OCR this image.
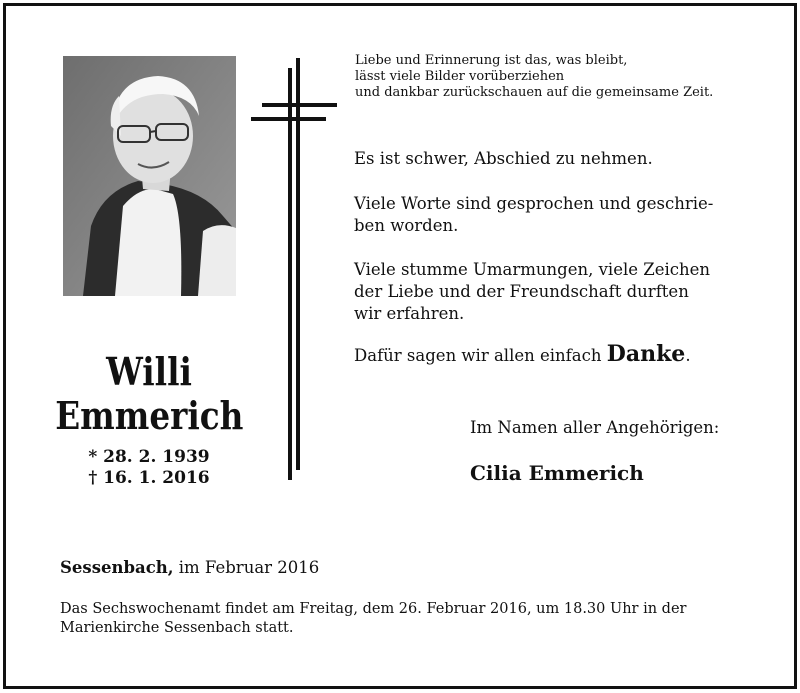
Willi
Emmerich
* 28. 2. 1939
† 16. 1. 2016
Liebe und Erinnerung ist das, was bleibt,
lässt viele Bilder vorüberziehen
und dankbar zurückschauen auf die gemeinsame Zeit.
Es ist schwer, Abschied zu nehmen.
Viele Worte sind gesprochen und geschrie-
ben worden.
Viele stumme Umarmungen, viele Zeichen
der Liebe und der Freundschaft durften
wir erfahren.
Dafür sagen wir allen einfach Danke.
Im Namen aller Angehörigen:
Cilia Emmerich
Sessenbach, im Februar 2016
Das Sechswochenamt findet am Freitag, dem 26. Februar 2016, um 18.30 Uhr in der
Marienkirche Sessenbach statt.
